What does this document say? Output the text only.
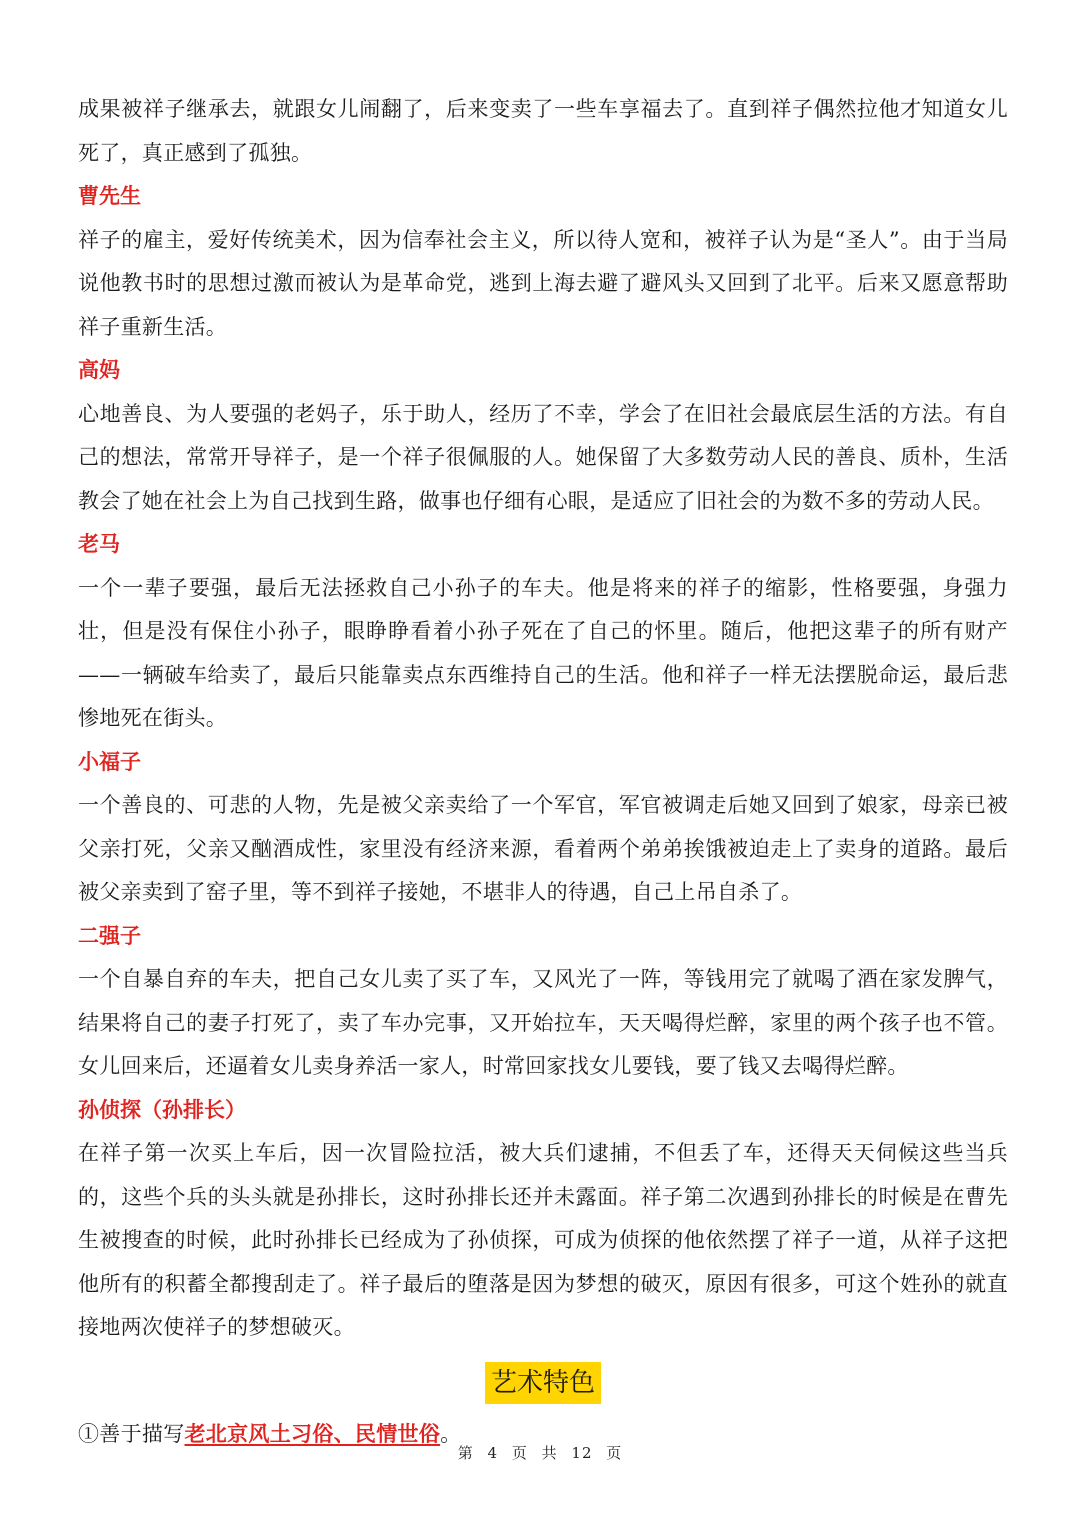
成果被祥子继承去，就跟女儿闹翻了，后来变卖了一些车享福去了。直到祥子偶然拉他才知道女儿死了，真正感到了孤独。

曹先生

祥子的雇主，爱好传统美术，因为信奉社会主义，所以待人宽和，被祥子认为是“圣人”。由于当局说他教书时的思想过激而被认为是革命党，逃到上海去避了避风头又回到了北平。后来又愿意帮助祥子重新生活。

高妈

心地善良、为人要强的老妈子，乐于助人，经历了不幸，学会了在旧社会最底层生活的方法。有自己的想法，常常开导祥子，是一个祥子很佩服的人。她保留了大多数劳动人民的善良、质朴，生活教会了她在社会上为自己找到生路，做事也仔细有心眼，是适应了旧社会的为数不多的劳动人民。

老马

一个一辈子要强，最后无法拯救自己小孙子的车夫。他是将来的祥子的缩影，性格要强，身强力壮，但是没有保住小孙子，眼睁睁看着小孙子死在了自己的怀里。随后，他把这辈子的所有财产——一辆破车给卖了，最后只能靠卖点东西维持自己的生活。他和祥子一样无法摆脱命运，最后悲惨地死在街头。

小福子

一个善良的、可悲的人物，先是被父亲卖给了一个军官，军官被调走后她又回到了娘家，母亲已被父亲打死，父亲又酗酒成性，家里没有经济来源，看着两个弟弟挨饿被迫走上了卖身的道路。最后被父亲卖到了窑子里，等不到祥子接她，不堪非人的待遇，自己上吊自杀了。

二强子

一个自暴自弃的车夫，把自己女儿卖了买了车，又风光了一阵，等钱用完了就喝了酒在家发脾气，结果将自己的妻子打死了，卖了车办完事，又开始拉车，天天喝得烂醉，家里的两个孩子也不管。女儿回来后，还逼着女儿卖身养活一家人，时常回家找女儿要钱，要了钱又去喝得烂醉。

孙侦探（孙排长）

在祥子第一次买上车后，因一次冒险拉活，被大兵们逮捕，不但丢了车，还得天天伺候这些当兵的，这些个兵的头头就是孙排长，这时孙排长还并未露面。祥子第二次遇到孙排长的时候是在曹先生被搜查的时候，此时孙排长已经成为了孙侦探，可成为侦探的他依然摆了祥子一道，从祥子这把他所有的积蓄全都搜刮走了。祥子最后的堕落是因为梦想的破灭，原因有很多，可这个姓孙的就直接地两次使祥子的梦想破灭。

艺术特色

①善于描写老北京风土习俗、民情世俗。

第 4 页 共 12 页
